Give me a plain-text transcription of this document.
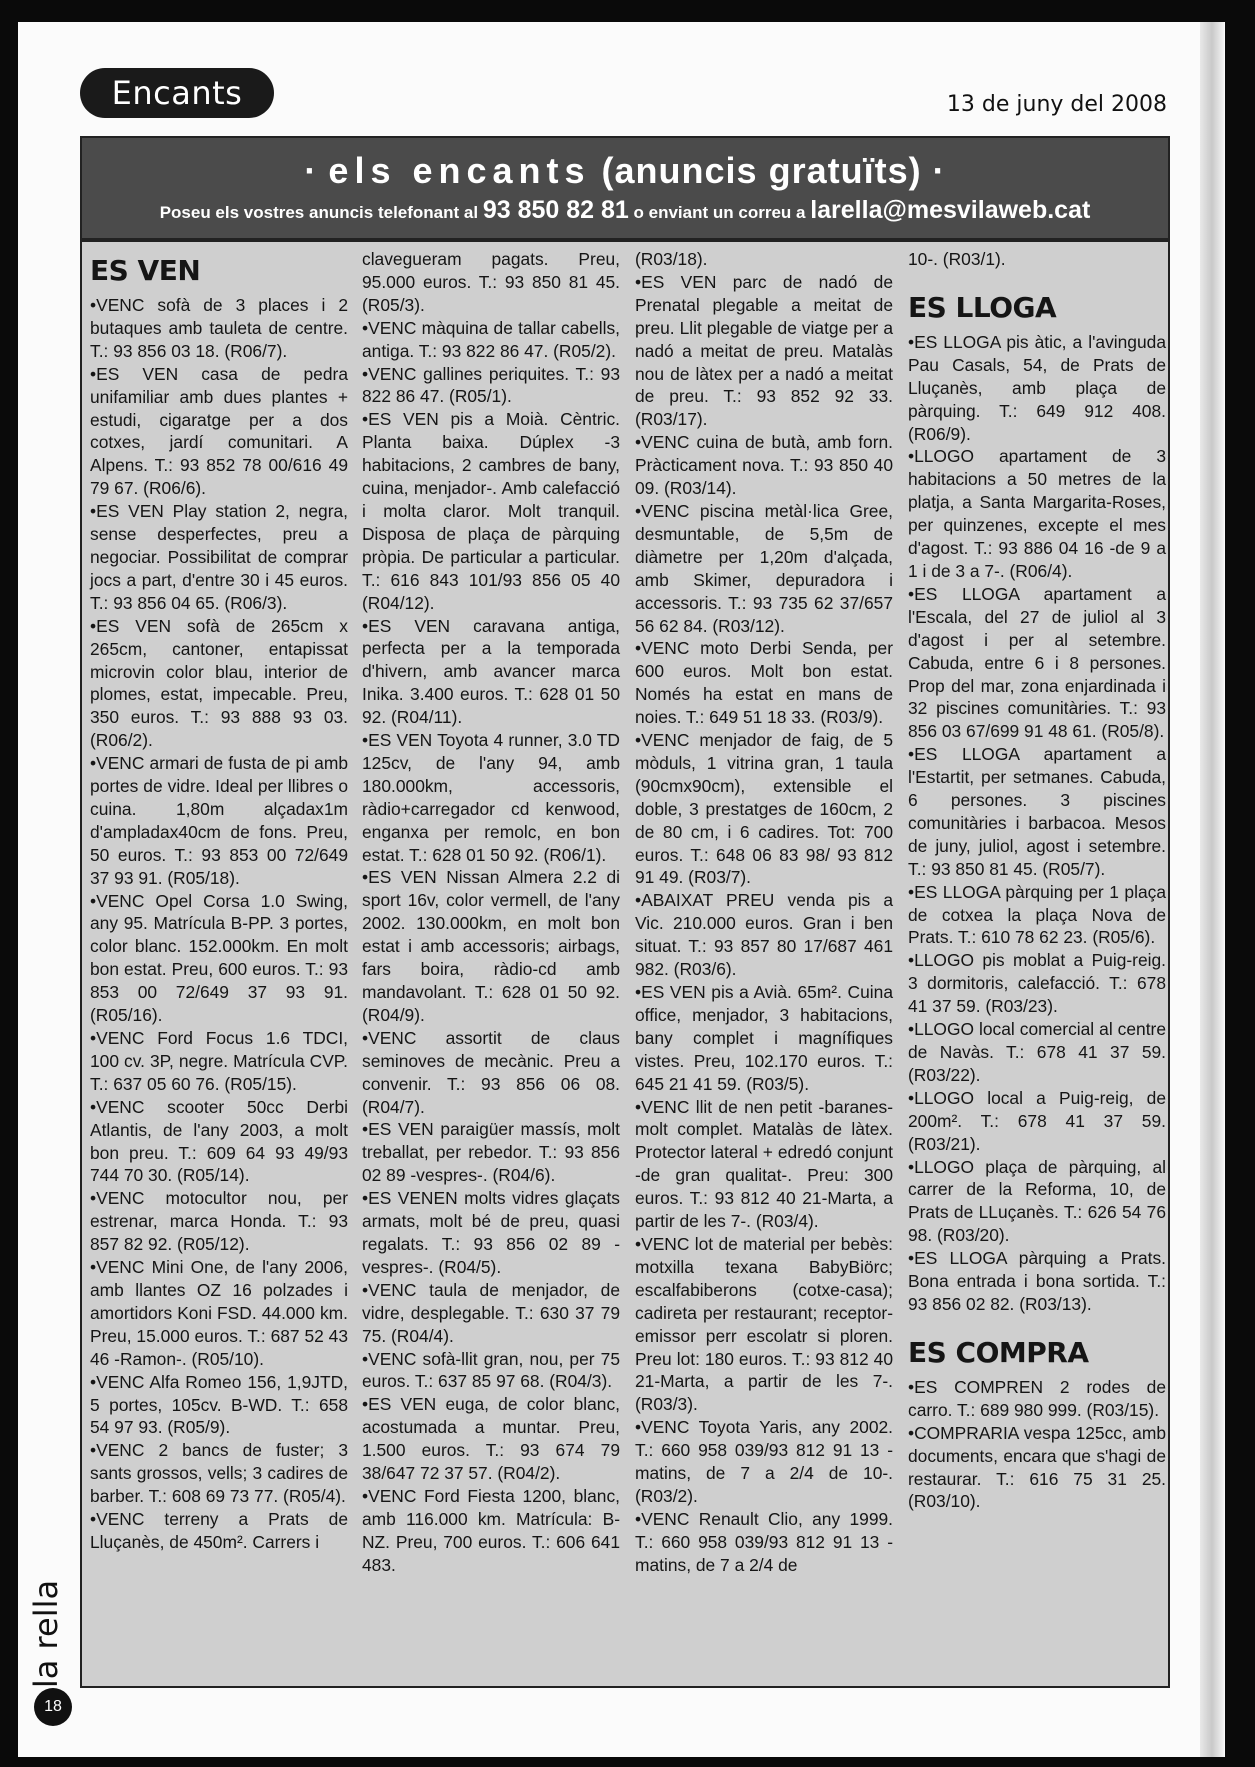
Encants	13 de juny del 2008
· els encants (anuncis gratuïts) ·
Poseu els vostres anuncis telefonant al 93 850 82 81 o enviant un correu a larella@mesvilaweb.cat
ES VEN

•VENC sofà de 3 places i 2 butaques amb tauleta de centre. T.: 93 856 03 18. (R06/7).

•ES VEN casa de pedra unifamiliar amb dues plantes + estudi, cigaratge per a dos cotxes, jardí comunitari. A Alpens. T.: 93 852 78 00/616 49 79 67. (R06/6).

•ES VEN Play station 2, negra, sense desperfectes, preu a negociar. Possibilitat de comprar jocs a part, d'entre 30 i 45 euros. T.: 93 856 04 65. (R06/3).

•ES VEN sofà de 265cm x 265cm, cantoner, entapissat microvin color blau, interior de plomes, estat, impecable. Preu, 350 euros. T.: 93 888 93 03. (R06/2).

•VENC armari de fusta de pi amb portes de vidre. Ideal per llibres o cuina. 1,80m alçadax1m d'ampladax40cm de fons. Preu, 50 euros. T.: 93 853 00 72/649 37 93 91. (R05/18).

•VENC Opel Corsa 1.0 Swing, any 95. Matrícula B-PP. 3 portes, color blanc. 152.000km. En molt bon estat. Preu, 600 euros. T.: 93 853 00 72/649 37 93 91. (R05/16).

•VENC Ford Focus 1.6 TDCI, 100 cv. 3P, negre. Matrícula CVP. T.: 637 05 60 76. (R05/15).

•VENC scooter 50cc Derbi Atlantis, de l'any 2003, a molt bon preu. T.: 609 64 93 49/93 744 70 30. (R05/14).

•VENC motocultor nou, per estrenar, marca Honda. T.: 93 857 82 92. (R05/12).

•VENC Mini One, de l'any 2006, amb llantes OZ 16 polzades i amortidors Koni FSD. 44.000 km. Preu, 15.000 euros. T.: 687 52 43 46 -Ramon-. (R05/10).

•VENC Alfa Romeo 156, 1,9JTD, 5 portes, 105cv. B-WD. T.: 658 54 97 93. (R05/9).

•VENC 2 bancs de fuster; 3 sants grossos, vells; 3 cadires de barber. T.: 608 69 73 77. (R05/4).

•VENC terreny a Prats de Lluçanès, de 450m². Carrers i

clavegueram pagats. Preu, 95.000 euros. T.: 93 850 81 45. (R05/3).

•VENC màquina de tallar cabells, antiga. T.: 93 822 86 47. (R05/2).

•VENC gallines periquites. T.: 93 822 86 47. (R05/1).

•ES VEN pis a Moià. Cèntric. Planta baixa. Dúplex -3 habitacions, 2 cambres de bany, cuina, menjador-. Amb calefacció i molta claror. Molt tranquil. Disposa de plaça de pàrquing pròpia. De particular a particular. T.: 616 843 101/93 856 05 40 (R04/12).

•ES VEN caravana antiga, perfecta per a la temporada d'hivern, amb avancer marca Inika. 3.400 euros. T.: 628 01 50 92. (R04/11).

•ES VEN Toyota 4 runner, 3.0 TD 125cv, de l'any 94, amb 180.000km, accessoris, ràdio+carregador cd kenwood, enganxa per remolc, en bon estat. T.: 628 01 50 92. (R06/1).

•ES VEN Nissan Almera 2.2 di sport 16v, color vermell, de l'any 2002. 130.000km, en molt bon estat i amb accessoris; airbags, fars boira, ràdio-cd amb mandavolant. T.: 628 01 50 92. (R04/9).

•VENC assortit de claus seminoves de mecànic. Preu a convenir. T.: 93 856 06 08. (R04/7).

•ES VEN paraigüer massís, molt treballat, per rebedor. T.: 93 856 02 89 -vespres-. (R04/6).

•ES VENEN molts vidres glaçats armats, molt bé de preu, quasi regalats. T.: 93 856 02 89 -vespres-. (R04/5).

•VENC taula de menjador, de vidre, desplegable. T.: 630 37 79 75. (R04/4).

•VENC sofà-llit gran, nou, per 75 euros. T.: 637 85 97 68. (R04/3).

•ES VEN euga, de color blanc, acostumada a muntar. Preu, 1.500 euros. T.: 93 674 79 38/647 72 37 57. (R04/2).

•VENC Ford Fiesta 1200, blanc, amb 116.000 km. Matrícula: B-NZ. Preu, 700 euros. T.: 606 641 483.

(R03/18).

•ES VEN parc de nadó de Prenatal plegable a meitat de preu. Llit plegable de viatge per a nadó a meitat de preu. Matalàs nou de làtex per a nadó a meitat de preu. T.: 93 852 92 33. (R03/17).

•VENC cuina de butà, amb forn. Pràcticament nova. T.: 93 850 40 09. (R03/14).

•VENC piscina metàl·lica Gree, desmuntable, de 5,5m de diàmetre per 1,20m d'alçada, amb Skimer, depuradora i accessoris. T.: 93 735 62 37/657 56 62 84. (R03/12).

•VENC moto Derbi Senda, per 600 euros. Molt bon estat. Només ha estat en mans de noies. T.: 649 51 18 33. (R03/9).

•VENC menjador de faig, de 5 mòduls, 1 vitrina gran, 1 taula (90cmx90cm), extensible el doble, 3 prestatges de 160cm, 2 de 80 cm, i 6 cadires. Tot: 700 euros. T.: 648 06 83 98/ 93 812 91 49. (R03/7).

•ABAIXAT PREU venda pis a Vic. 210.000 euros. Gran i ben situat. T.: 93 857 80 17/687 461 982. (R03/6).

•ES VEN pis a Avià. 65m². Cuina office, menjador, 3 habitacions, bany complet i magnífiques vistes. Preu, 102.170 euros. T.: 645 21 41 59. (R03/5).

•VENC llit de nen petit -baranes- molt complet. Matalàs de làtex. Protector lateral + edredó conjunt -de gran qualitat-. Preu: 300 euros. T.: 93 812 40 21-Marta, a partir de les 7-. (R03/4).

•VENC lot de material per bebès: motxilla texana BabyBiörc; escalfabiberons (cotxe-casa); cadireta per restaurant; receptor-emissor perr escolatr si ploren. Preu lot: 180 euros. T.: 93 812 40 21-Marta, a partir de les 7-. (R03/3).

•VENC Toyota Yaris, any 2002. T.: 660 958 039/93 812 91 13 -matins, de 7 a 2/4 de 10-. (R03/2).

•VENC Renault Clio, any 1999. T.: 660 958 039/93 812 91 13 -matins, de 7 a 2/4 de

10-. (R03/1).

ES LLOGA

•ES LLOGA pis àtic, a l'avinguda Pau Casals, 54, de Prats de Lluçanès, amb plaça de pàrquing. T.: 649 912 408. (R06/9).

•LLOGO apartament de 3 habitacions a 50 metres de la platja, a Santa Margarita-Roses, per quinzenes, excepte el mes d'agost. T.: 93 886 04 16 -de 9 a 1 i de 3 a 7-. (R06/4).

•ES LLOGA apartament a l'Escala, del 27 de juliol al 3 d'agost i per al setembre. Cabuda, entre 6 i 8 persones. Prop del mar, zona enjardinada i 32 piscines comunitàries. T.: 93 856 03 67/699 91 48 61. (R05/8).

•ES LLOGA apartament a l'Estartit, per setmanes. Cabuda, 6 persones. 3 piscines comunitàries i barbacoa. Mesos de juny, juliol, agost i setembre. T.: 93 850 81 45. (R05/7).

•ES LLOGA pàrquing per 1 plaça de cotxea la plaça Nova de Prats. T.: 610 78 62 23. (R05/6).

•LLOGO pis moblat a Puig-reig. 3 dormitoris, calefacció. T.: 678 41 37 59. (R03/23).

•LLOGO local comercial al centre de Navàs. T.: 678 41 37 59. (R03/22).

•LLOGO local a Puig-reig, de 200m². T.: 678 41 37 59. (R03/21).

•LLOGO plaça de pàrquing, al carrer de la Reforma, 10, de Prats de LLuçanès. T.: 626 54 76 98. (R03/20).

•ES LLOGA pàrquing a Prats. Bona entrada i bona sortida. T.: 93 856 02 82. (R03/13).

ES COMPRA

•ES COMPREN 2 rodes de carro. T.: 689 980 999. (R03/15).

•COMPRARIA vespa 125cc, amb documents, encara que s'hagi de restaurar. T.: 616 75 31 25. (R03/10).

la rella
18
